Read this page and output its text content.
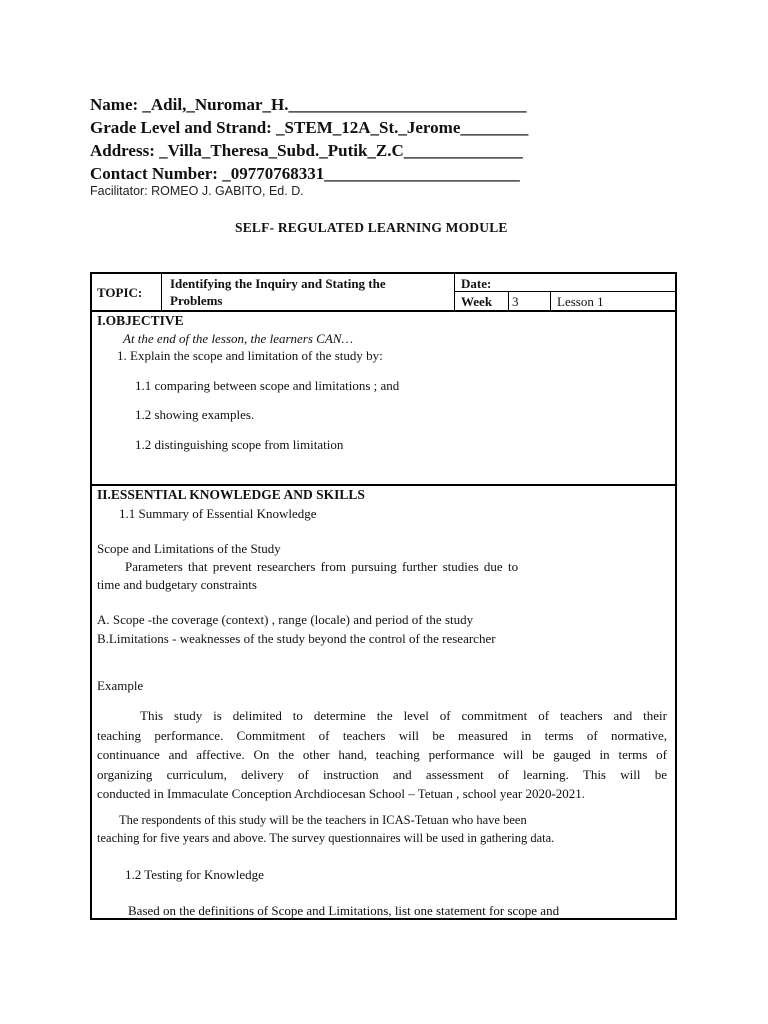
Name: _Adil,_Nuromar_H.____________________________
Grade Level and Strand: _STEM_12A_St._Jerome________
Address: _Villa_Theresa_Subd._Putik_Z.C______________
Contact Number: _09770768331_______________________
Facilitator: ROMEO J. GABITO, Ed. D.
SELF- REGULATED LEARNING MODULE
TOPIC:
Identifying the Inquiry and Stating the
Problems
Date:
Week 3	Lesson 1
I.OBJECTIVE
At the end of the lesson, the learners CAN…
1. Explain the scope and limitation of the study by:
1.1 comparing between scope and limitations ; and
1.2 showing examples.
1.2 distinguishing scope from limitation
II.ESSENTIAL KNOWLEDGE AND SKILLS
1.1 Summary of Essential Knowledge
Scope and Limitations of the Study
Parameters that prevent researchers from pursuing further studies due to
time and budgetary constraints
A. Scope -the coverage (context) , range (locale) and period of the study
B.Limitations - weaknesses of the study beyond the control of the researcher
Example
This study is delimited to determine the level of commitment of teachers and their
teaching performance. Commitment of teachers will be measured in terms of normative,
continuance and affective. On the other hand, teaching performance will be gauged in terms of
organizing curriculum, delivery of instruction and assessment of learning. This will be
conducted in Immaculate Conception Archdiocesan School – Tetuan , school year 2020-2021.
The respondents of this study will be the teachers in ICAS-Tetuan who have been
teaching for five years and above. The survey questionnaires will be used in gathering data.
1.2 Testing for Knowledge
Based on the definitions of Scope and Limitations, list one statement for scope and
